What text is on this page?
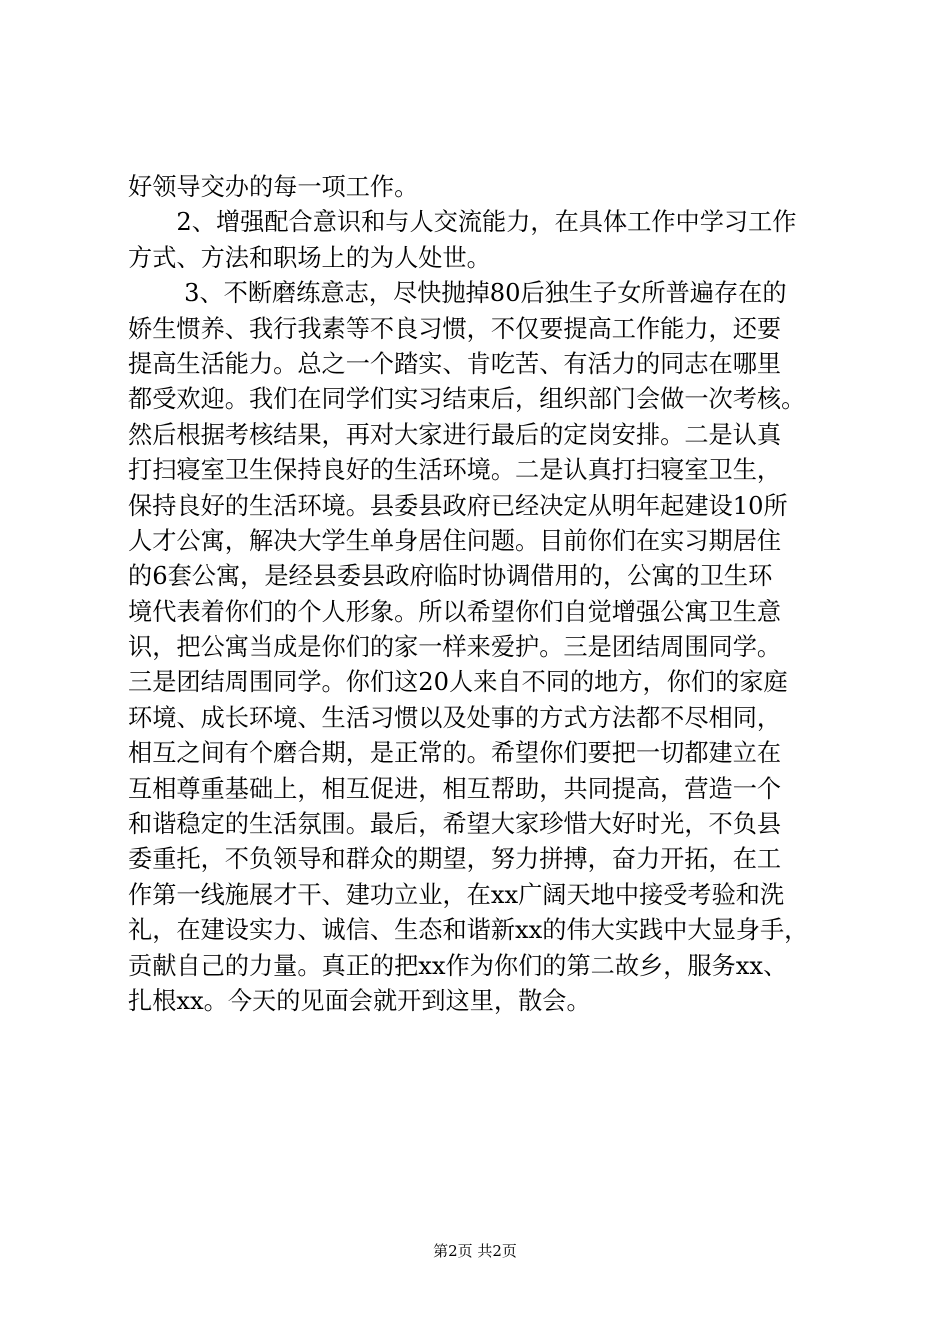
好领导交办的每一项工作。
　　2、增强配合意识和与人交流能力，在具体工作中学习工作
方式、方法和职场上的为人处世。
　　 3、不断磨练意志，尽快抛掉80后独生子女所普遍存在的
娇生惯养、我行我素等不良习惯，不仅要提高工作能力，还要
提高生活能力。总之一个踏实、肯吃苦、有活力的同志在哪里
都受欢迎。我们在同学们实习结束后，组织部门会做一次考核。
然后根据考核结果，再对大家进行最后的定岗安排。二是认真
打扫寝室卫生保持良好的生活环境。二是认真打扫寝室卫生，
保持良好的生活环境。县委县政府已经决定从明年起建设10所
人才公寓，解决大学生单身居住问题。目前你们在实习期居住
的6套公寓，是经县委县政府临时协调借用的，公寓的卫生环
境代表着你们的个人形象。所以希望你们自觉增强公寓卫生意
识，把公寓当成是你们的家一样来爱护。三是团结周围同学。
三是团结周围同学。你们这20人来自不同的地方，你们的家庭
环境、成长环境、生活习惯以及处事的方式方法都不尽相同，
相互之间有个磨合期，是正常的。希望你们要把一切都建立在
互相尊重基础上，相互促进，相互帮助，共同提高，营造一个
和谐稳定的生活氛围。最后，希望大家珍惜大好时光，不负县
委重托，不负领导和群众的期望，努力拼搏，奋力开拓，在工
作第一线施展才干、建功立业，在xx广阔天地中接受考验和洗
礼，在建设实力、诚信、生态和谐新xx的伟大实践中大显身手，
贡献自己的力量。真正的把xx作为你们的第二故乡，服务xx、
扎根xx。今天的见面会就开到这里，散会。
第2页 共2页
